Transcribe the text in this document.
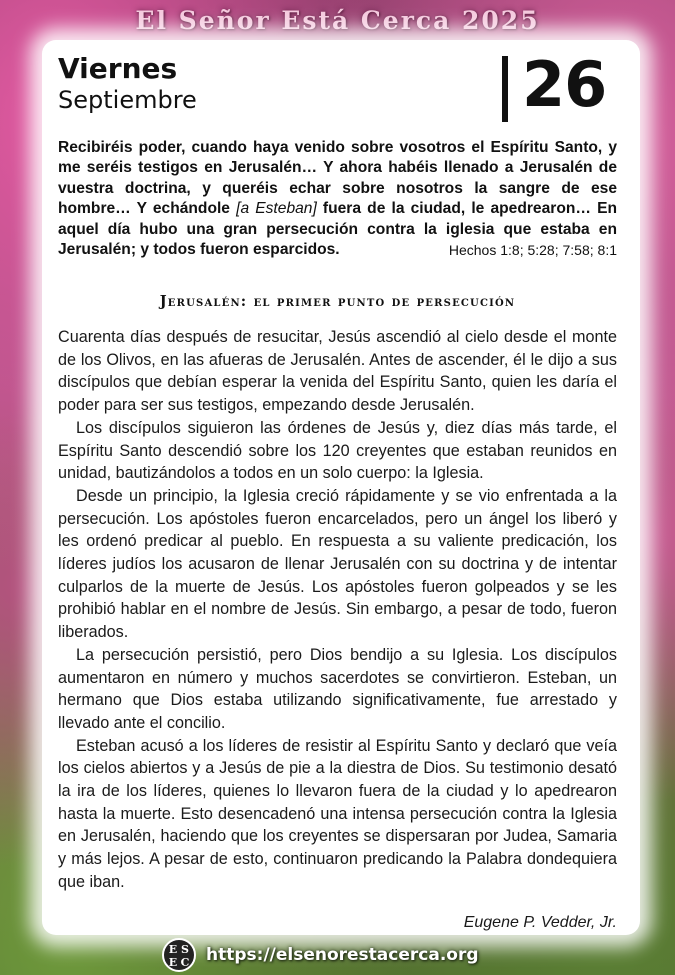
El Señor Está Cerca 2025
Viernes
Septiembre	26

Recibiréis poder, cuando haya venido sobre vosotros el Espíritu Santo, y me seréis testigos en Jerusalén… Y ahora habéis llenado a Jerusalén de vuestra doctrina, y queréis echar sobre nosotros la sangre de ese hombre… Y echándole [a Esteban] fuera de la ciudad, le apedrearon… En aquel día hubo una gran persecución contra la iglesia que estaba en Jerusalén; y todos fueron esparcidos.	Hechos 1:8; 5:28; 7:58; 8:1

Jerusalén: el primer punto de persecución

Cuarenta días después de resucitar, Jesús ascendió al cielo desde el monte de los Olivos, en las afueras de Jerusalén. Antes de ascender, él le dijo a sus discípulos que debían esperar la venida del Espíritu Santo, quien les daría el poder para ser sus testigos, empezando desde Jerusalén.

Los discípulos siguieron las órdenes de Jesús y, diez días más tarde, el Espíritu Santo descendió sobre los 120 creyentes que estaban reunidos en unidad, bautizándolos a todos en un solo cuerpo: la Iglesia.

Desde un principio, la Iglesia creció rápidamente y se vio enfrentada a la persecución. Los apóstoles fueron encarcelados, pero un ángel los liberó y les ordenó predicar al pueblo. En respuesta a su valiente predicación, los líderes judíos los acusaron de llenar Jerusalén con su doctrina y de intentar culparlos de la muerte de Jesús. Los apóstoles fueron golpeados y se les prohibió hablar en el nombre de Jesús. Sin embargo, a pesar de todo, fueron liberados.

La persecución persistió, pero Dios bendijo a su Iglesia. Los discípulos aumentaron en número y muchos sacerdotes se convirtieron. Esteban, un hermano que Dios estaba utilizando significativamente, fue arrestado y llevado ante el concilio.

Esteban acusó a los líderes de resistir al Espíritu Santo y declaró que veía los cielos abiertos y a Jesús de pie a la diestra de Dios. Su testimonio desató la ira de los líderes, quienes lo llevaron fuera de la ciudad y lo apedrearon hasta la muerte. Esto desencadenó una intensa persecución contra la Iglesia en Jerusalén, haciendo que los creyentes se dispersaran por Judea, Samaria y más lejos. A pesar de esto, continuaron predicando la Palabra dondequiera que iban.

Eugene P. Vedder, Jr.
E S
E C https://elsenorestacerca.org
